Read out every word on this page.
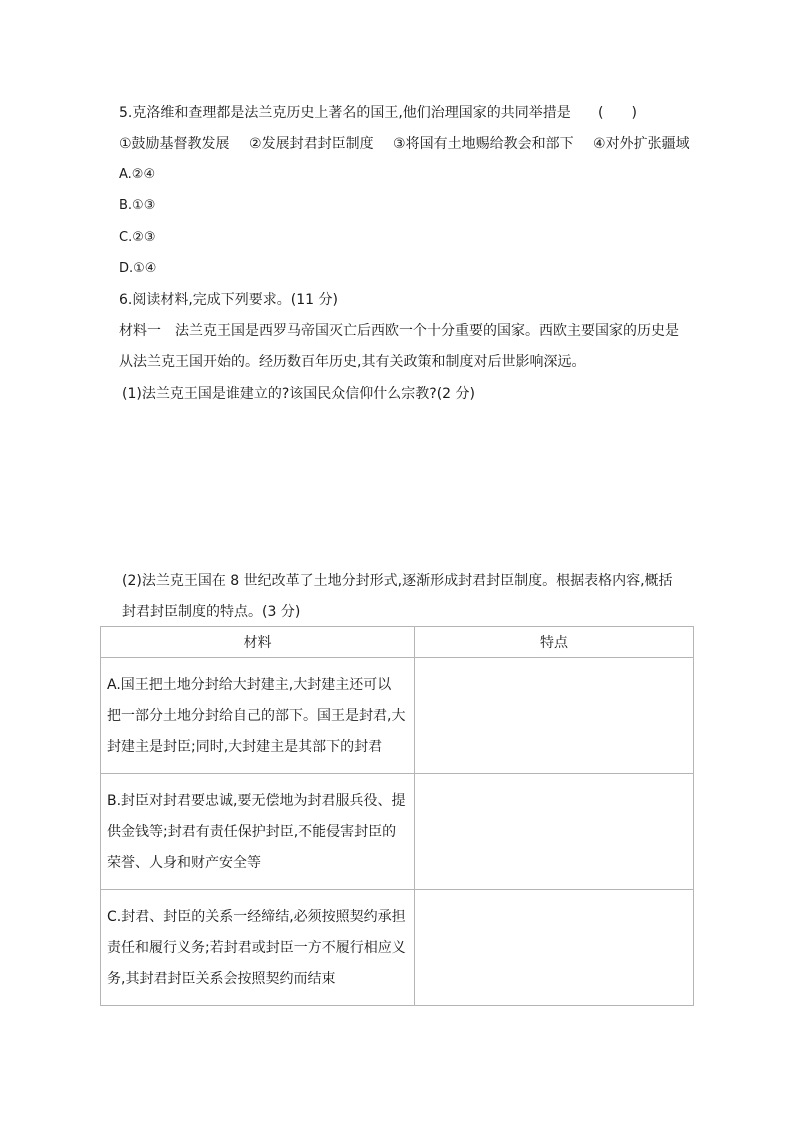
5.克洛维和查理都是法兰克历史上著名的国王,他们治理国家的共同举措是 (　　)
①鼓励基督教发展 ②发展封君封臣制度 ③将国有土地赐给教会和部下 ④对外扩张疆域
A.②④
B.①③
C.②③
D.①④
6.阅读材料,完成下列要求。(11 分)
材料一　法兰克王国是西罗马帝国灭亡后西欧一个十分重要的国家。西欧主要国家的历史是
从法兰克王国开始的。经历数百年历史,其有关政策和制度对后世影响深远。
(1)法兰克王国是谁建立的?该国民众信仰什么宗教?(2 分)
(2)法兰克王国在 8 世纪改革了土地分封形式,逐渐形成封君封臣制度。根据表格内容,概括
封君封臣制度的特点。(3 分)
材料	特点

A.国王把土地分封给大封建主,大封建主还可以
把一部分土地分封给自己的部下。国王是封君,大
封建主是封臣;同时,大封建主是其部下的封君	

B.封臣对封君要忠诚,要无偿地为封君服兵役、提
供金钱等;封君有责任保护封臣,不能侵害封臣的
荣誉、人身和财产安全等	

C.封君、封臣的关系一经缔结,必须按照契约承担
责任和履行义务;若封君或封臣一方不履行相应义
务,其封君封臣关系会按照契约而结束	
